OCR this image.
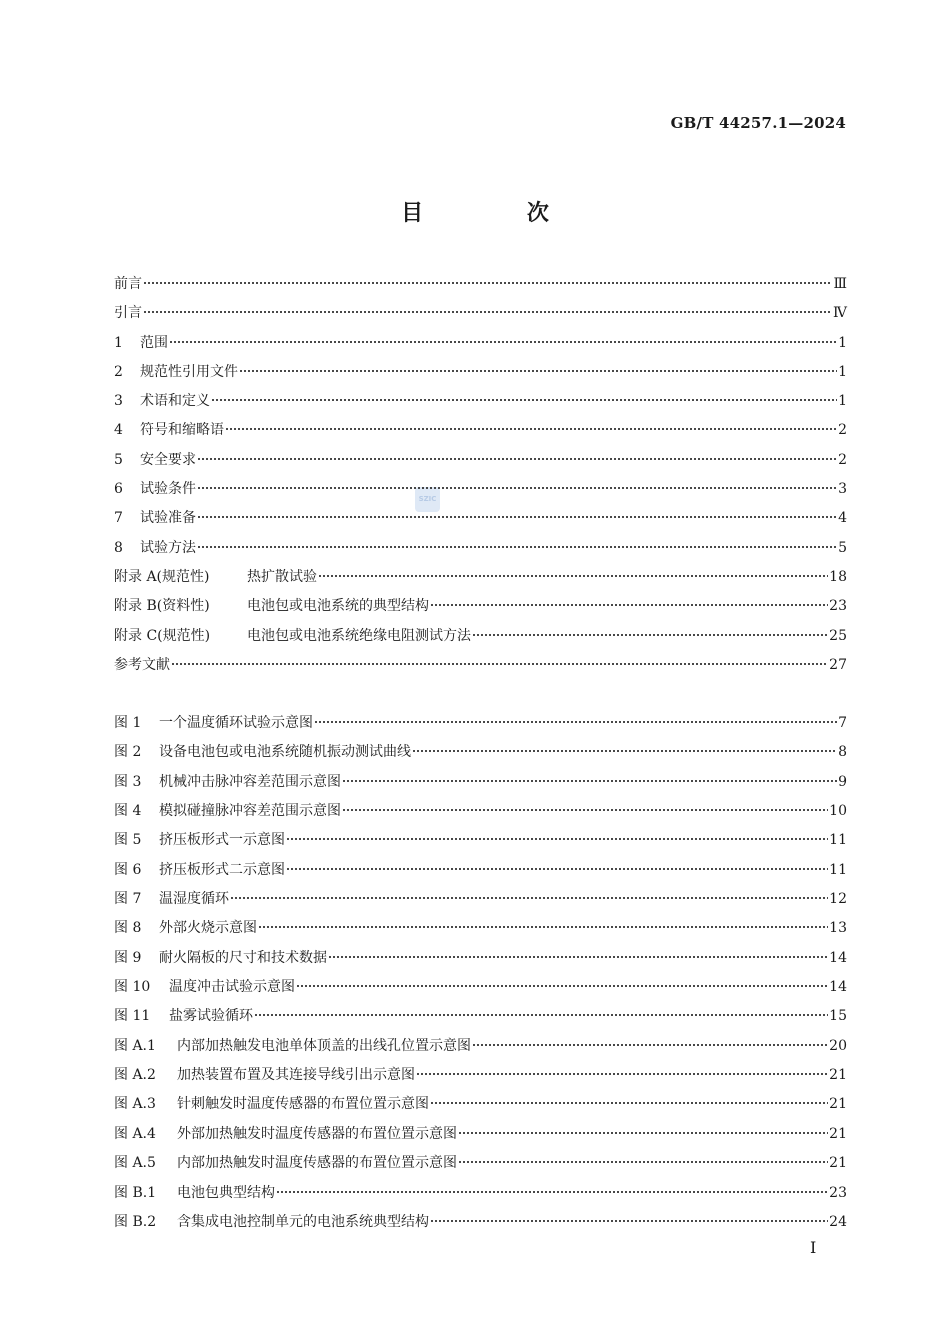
GB/T 44257.1—2024
目 次
SZIC
前言	Ⅲ
引言	Ⅳ
1	范围	1
2	规范性引用文件	1
3	术语和定义	1
4	符号和缩略语	2
5	安全要求	2
6	试验条件	3
7	试验准备	4
8	试验方法	5
附录 A(规范性)	热扩散试验	18
附录 B(资料性)	电池包或电池系统的典型结构	23
附录 C(规范性)	电池包或电池系统绝缘电阻测试方法	25
参考文献	27
图 1	一个温度循环试验示意图	7
图 2	设备电池包或电池系统随机振动测试曲线	8
图 3	机械冲击脉冲容差范围示意图	9
图 4	模拟碰撞脉冲容差范围示意图	10
图 5	挤压板形式一示意图	11
图 6	挤压板形式二示意图	11
图 7	温湿度循环	12
图 8	外部火烧示意图	13
图 9	耐火隔板的尺寸和技术数据	14
图 10	温度冲击试验示意图	14
图 11	盐雾试验循环	15
图 A.1	内部加热触发电池单体顶盖的出线孔位置示意图	20
图 A.2	加热装置布置及其连接导线引出示意图	21
图 A.3	针刺触发时温度传感器的布置位置示意图	21
图 A.4	外部加热触发时温度传感器的布置位置示意图	21
图 A.5	内部加热触发时温度传感器的布置位置示意图	21
图 B.1	电池包典型结构	23
图 B.2	含集成电池控制单元的电池系统典型结构	24
I
